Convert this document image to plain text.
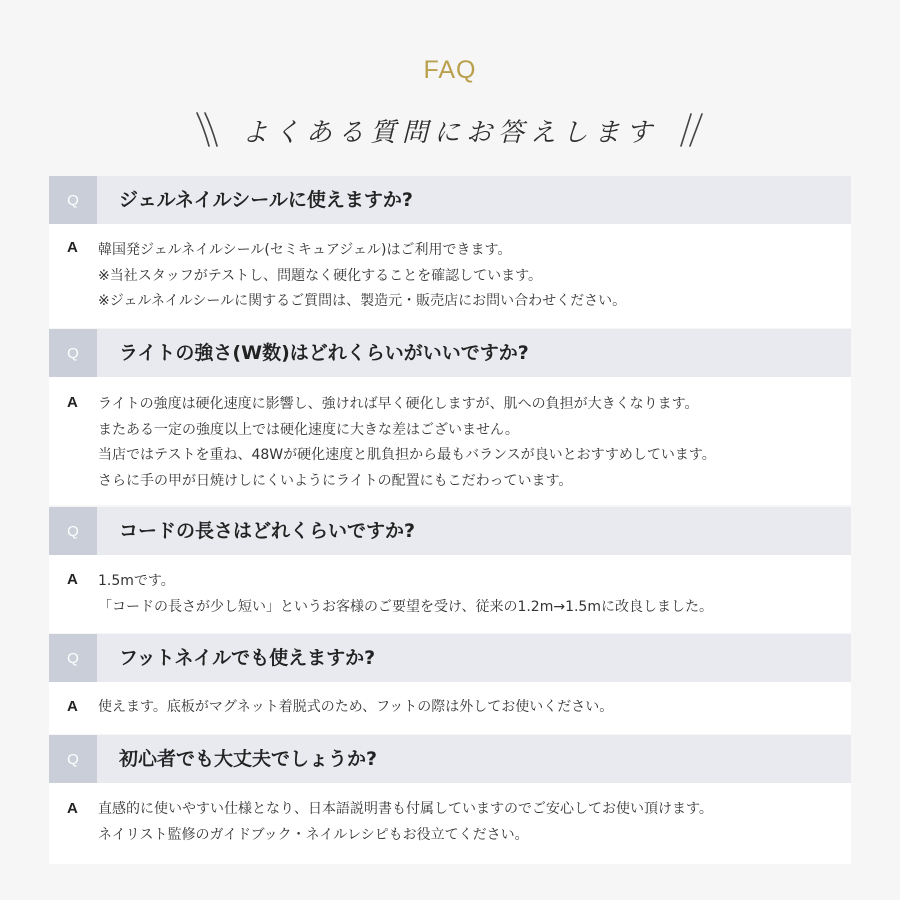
FAQ
よくある質問にお答えします
Q	ジェルネイルシールに使えますか?
A 韓国発ジェルネイルシール(セミキュアジェル)はご利用できます。
※当社スタッフがテストし、問題なく硬化することを確認しています。
※ジェルネイルシールに関するご質問は、製造元・販売店にお問い合わせください。
Q	ライトの強さ(W数)はどれくらいがいいですか?
A ライトの強度は硬化速度に影響し、強ければ早く硬化しますが、肌への負担が大きくなります。
またある一定の強度以上では硬化速度に大きな差はございません。
当店ではテストを重ね、48Wが硬化速度と肌負担から最もバランスが良いとおすすめしています。
さらに手の甲が日焼けしにくいようにライトの配置にもこだわっています。
Q	コードの長さはどれくらいですか?
A 1.5mです。
「コードの長さが少し短い」というお客様のご要望を受け、従来の1.2m→1.5mに改良しました。
Q	フットネイルでも使えますか?
A 使えます。底板がマグネット着脱式のため、フットの際は外してお使いください。
Q	初心者でも大丈夫でしょうか?
A 直感的に使いやすい仕様となり、日本語説明書も付属していますのでご安心してお使い頂けます。
ネイリスト監修のガイドブック・ネイルレシピもお役立てください。
